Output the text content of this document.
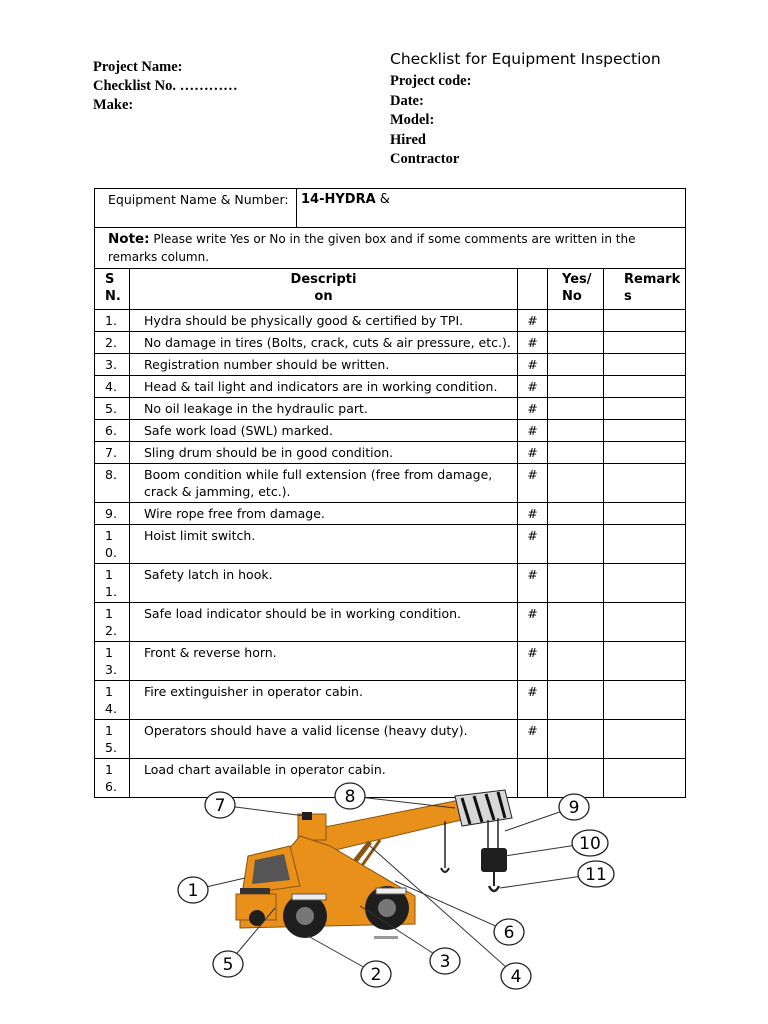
Project Name:
Checklist No. …………
Make:
Checklist for Equipment Inspection
Project code:
Date:
Model:
Hired
Contractor
Equipment Name & Number:		14-HYDRA &			
Note: Please write Yes or No in the given box and if some comments are written in the remarks column.					
S N.	Descripti on			Yes/ No	Remark s

1.	Hydra should be physically good & certified by TPI.		#		
2.	No damage in tires (Bolts, crack, cuts & air pressure, etc.).		#		
3.	Registration number should be written.		#		
4.	Head & tail light and indicators are in working condition.		#		
5.	No oil leakage in the hydraulic part.		#		
6.	Safe work load (SWL) marked.		#		
7.	Sling drum should be in good condition.		#		
8.	Boom condition while full extension (free from damage, crack & jamming, etc.).		#		
9.	Wire rope free from damage.		#		
1 0.	Hoist limit switch.		#		
1 1.	Safety latch in hook.		#		
1 2.	Safe load indicator should be in working condition.		#		
1 3.	Front & reverse horn.		#		
1 4.	Fire extinguisher in operator cabin.		#		
1 5.	Operators should have a valid license (heavy duty).		#		
1 6.	Load chart available in operator cabin.				
1
2
3
4
5
6
7	8
9
10
11
